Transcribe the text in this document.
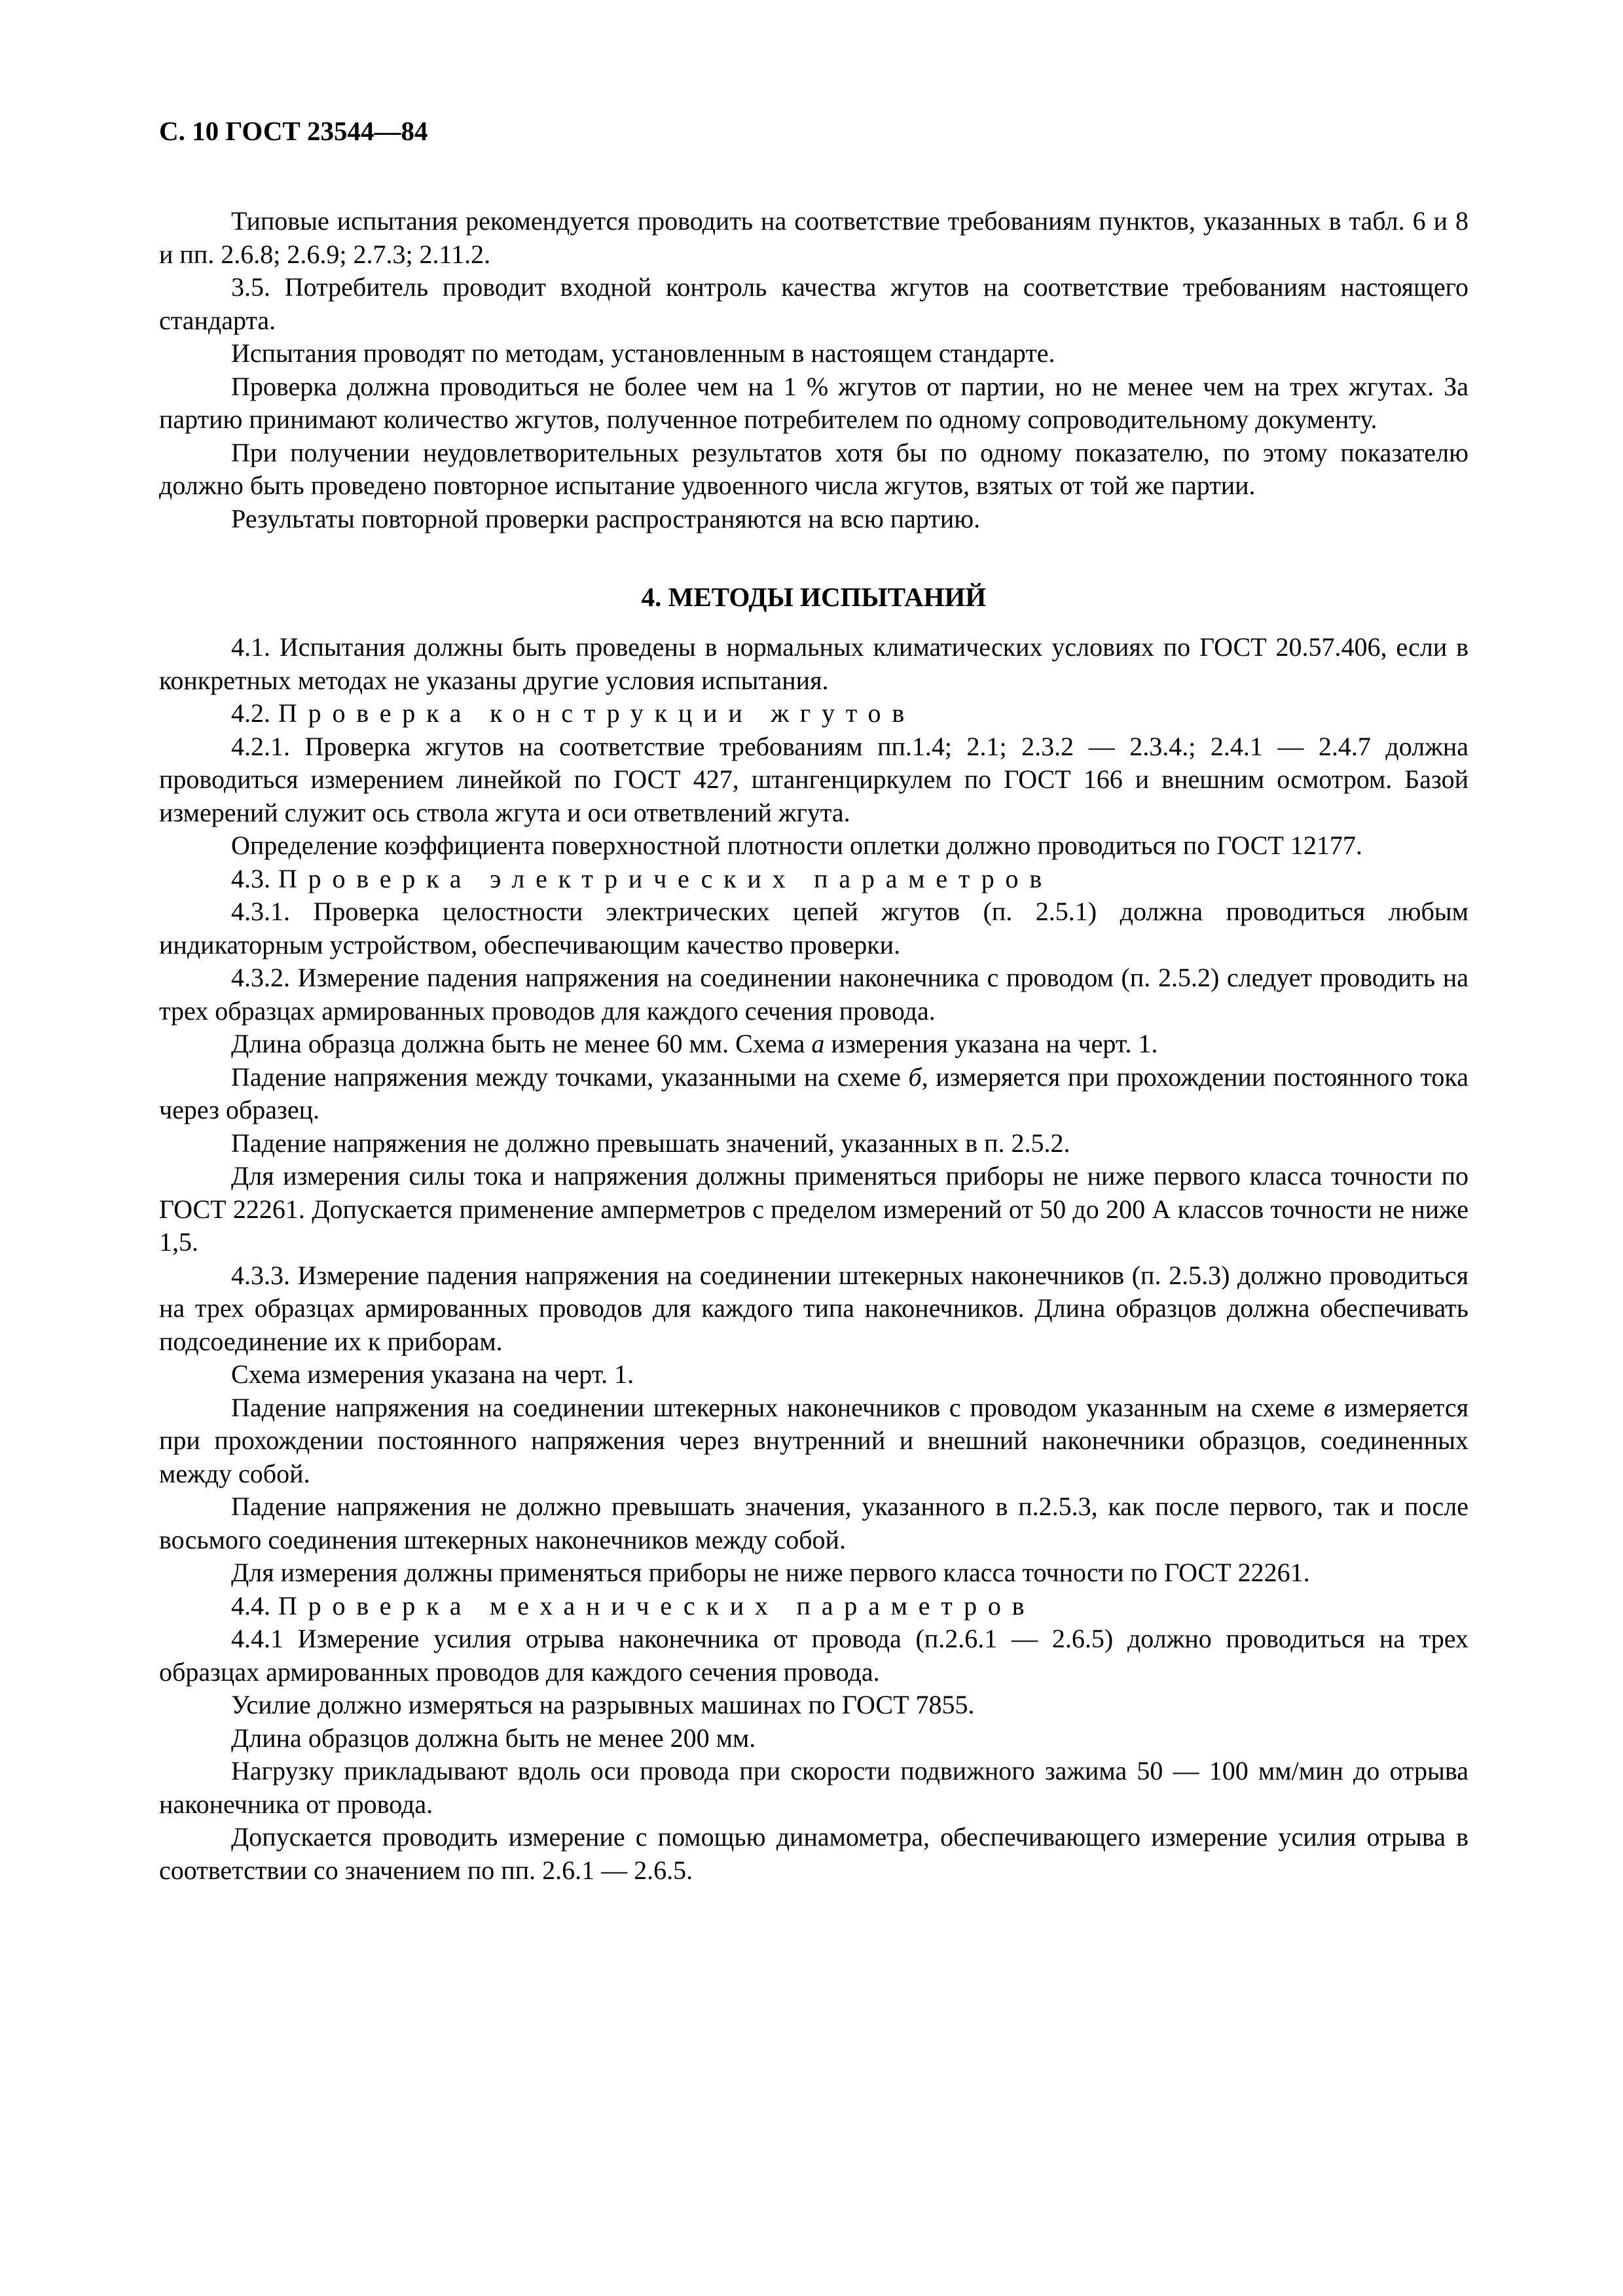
С. 10 ГОСТ 23544—84

Типовые испытания рекомендуется проводить на соответствие требованиям пунктов, указанных в табл. 6 и 8 и пп. 2.6.8; 2.6.9; 2.7.3; 2.11.2.

3.5. Потребитель проводит входной контроль качества жгутов на соответствие требованиям настоящего стандарта.

Испытания проводят по методам, установленным в настоящем стандарте.

Проверка должна проводиться не более чем на 1 % жгутов от партии, но не менее чем на трех жгутах. За партию принимают количество жгутов, полученное потребителем по одному сопроводительному документу.

При получении неудовлетворительных результатов хотя бы по одному показателю, по этому показателю должно быть проведено повторное испытание удвоенного числа жгутов, взятых от той же партии.

Результаты повторной проверки распространяются на всю партию.

4. МЕТОДЫ ИСПЫТАНИЙ

4.1. Испытания должны быть проведены в нормальных климатических условиях по ГОСТ 20.57.406, если в конкретных методах не указаны другие условия испытания.

4.2. Проверка конструкции жгутов

4.2.1. Проверка жгутов на соответствие требованиям пп.1.4; 2.1; 2.3.2 — 2.3.4.; 2.4.1 — 2.4.7 должна проводиться измерением линейкой по ГОСТ 427, штангенциркулем по ГОСТ 166 и внешним осмотром. Базой измерений служит ось ствола жгута и оси ответвлений жгута.

Определение коэффициента поверхностной плотности оплетки должно проводиться по ГОСТ 12177.

4.3. Проверка электрических параметров

4.3.1. Проверка целостности электрических цепей жгутов (п. 2.5.1) должна проводиться любым индикаторным устройством, обеспечивающим качество проверки.

4.3.2. Измерение падения напряжения на соединении наконечника с проводом (п. 2.5.2) следует проводить на трех образцах армированных проводов для каждого сечения провода.

Длина образца должна быть не менее 60 мм. Схема а измерения указана на черт. 1.

Падение напряжения между точками, указанными на схеме б, измеряется при прохождении постоянного тока через образец.

Падение напряжения не должно превышать значений, указанных в п. 2.5.2.

Для измерения силы тока и напряжения должны применяться приборы не ниже первого класса точности по ГОСТ 22261. Допускается применение амперметров с пределом измерений от 50 до 200 А классов точности не ниже 1,5.

4.3.3. Измерение падения напряжения на соединении штекерных наконечников (п. 2.5.3) должно проводиться на трех образцах армированных проводов для каждого типа наконечников. Длина образцов должна обеспечивать подсоединение их к приборам.

Схема измерения указана на черт. 1.

Падение напряжения на соединении штекерных наконечников с проводом указанным на схеме в измеряется при прохождении постоянного напряжения через внутренний и внешний наконечники образцов, соединенных между собой.

Падение напряжения не должно превышать значения, указанного в п.2.5.3, как после первого, так и после восьмого соединения штекерных наконечников между собой.

Для измерения должны применяться приборы не ниже первого класса точности по ГОСТ 22261.

4.4. Проверка механических параметров

4.4.1 Измерение усилия отрыва наконечника от провода (п.2.6.1 — 2.6.5) должно проводиться на трех образцах армированных проводов для каждого сечения провода.

Усилие должно измеряться на разрывных машинах по ГОСТ 7855.

Длина образцов должна быть не менее 200 мм.

Нагрузку прикладывают вдоль оси провода при скорости подвижного зажима 50 — 100 мм/мин до отрыва наконечника от провода.

Допускается проводить измерение с помощью динамометра, обеспечивающего измерение усилия отрыва в соответствии со значением по пп. 2.6.1 — 2.6.5.
